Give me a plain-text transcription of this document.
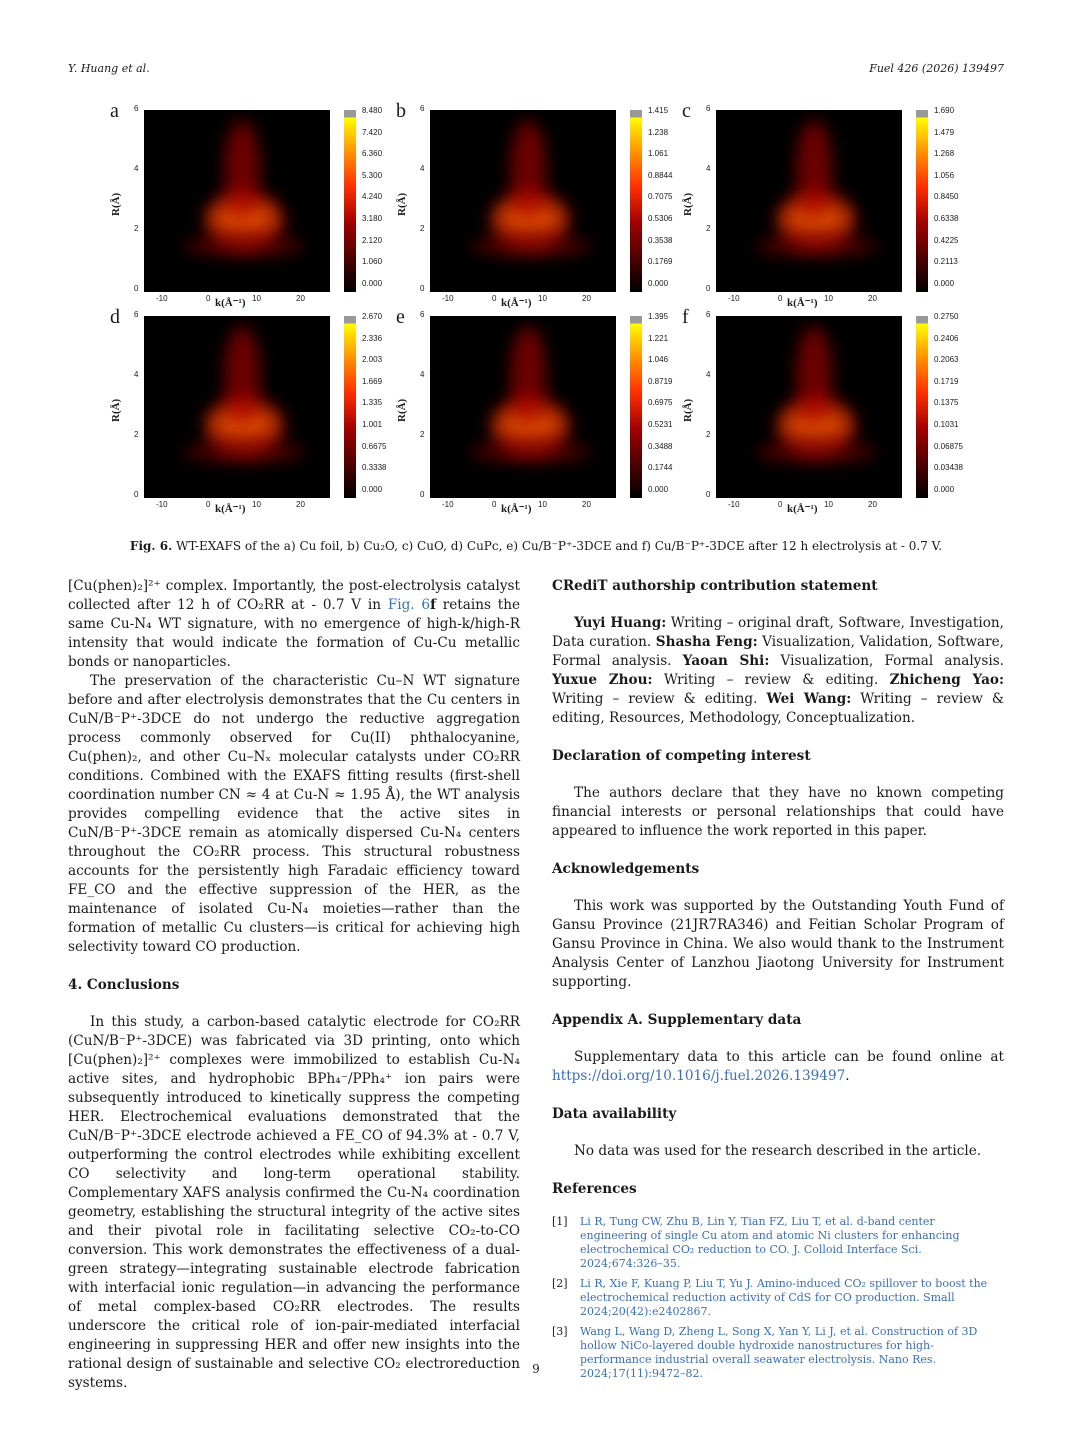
Y. Huang et al.	Fuel 426 (2026) 139497
a
R(Å)
6
4
2
0
-10	0	10	20
k(Å⁻¹)
8.480
7.420
6.360
5.300
4.240
3.180
2.120
1.060
0.000
b
R(Å)
6
4
2
0
-10	0	10	20
k(Å⁻¹)
1.415
1.238
1.061
0.8844
0.7075
0.5306
0.3538
0.1769
0.000
c
R(Å)
6
4
2
0
-10	0	10	20
k(Å⁻¹)
1.690
1.479
1.268
1.056
0.8450
0.6338
0.4225
0.2113
0.000
d
R(Å)
6
4
2
0
-10	0	10	20
k(Å⁻¹)
2.670
2.336
2.003
1.669
1.335
1.001
0.6675
0.3338
0.000
e
R(Å)
6
4
2
0
-10	0	10	20
k(Å⁻¹)
1.395
1.221
1.046
0.8719
0.6975
0.5231
0.3488
0.1744
0.000
f
R(Å)
6
4
2
0
-10	0	10	20
k(Å⁻¹)
0.2750
0.2406
0.2063
0.1719
0.1375
0.1031
0.06875
0.03438
0.000
Fig. 6. WT-EXAFS of the a) Cu foil, b) Cu₂O, c) CuO, d) CuPc, e) Cu/B⁻P⁺-3DCE and f) Cu/B⁻P⁺-3DCE after 12 h electrolysis at - 0.7 V.

[Cu(phen)₂]²⁺ complex. Importantly, the post-electrolysis catalyst collected after 12 h of CO₂RR at - 0.7 V in Fig. 6f retains the same Cu-N₄ WT signature, with no emergence of high-k/high-R intensity that would indicate the formation of Cu-Cu metallic bonds or nanoparticles.

The preservation of the characteristic Cu–N WT signature before and after electrolysis demonstrates that the Cu centers in CuN/B⁻P⁺-3DCE do not undergo the reductive aggregation process commonly observed for Cu(II) phthalocyanine, Cu(phen)₂, and other Cu–Nₓ molecular catalysts under CO₂RR conditions. Combined with the EXAFS fitting results (first-shell coordination number CN ≈ 4 at Cu-N ≈ 1.95 Å), the WT analysis provides compelling evidence that the active sites in CuN/B⁻P⁺-3DCE remain as atomically dispersed Cu-N₄ centers throughout the CO₂RR process. This structural robustness accounts for the persistently high Faradaic efficiency toward FE_CO and the effective suppression of the HER, as the maintenance of isolated Cu-N₄ moieties—rather than the formation of metallic Cu clusters—is critical for achieving high selectivity toward CO production.

4. Conclusions

In this study, a carbon-based catalytic electrode for CO₂RR (CuN/B⁻P⁺-3DCE) was fabricated via 3D printing, onto which [Cu(phen)₂]²⁺ complexes were immobilized to establish Cu-N₄ active sites, and hydrophobic BPh₄⁻/PPh₄⁺ ion pairs were subsequently introduced to kinetically suppress the competing HER. Electrochemical evaluations demonstrated that the CuN/B⁻P⁺-3DCE electrode achieved a FE_CO of 94.3% at - 0.7 V, outperforming the control electrodes while exhibiting excellent CO selectivity and long-term operational stability. Complementary XAFS analysis confirmed the Cu-N₄ coordination geometry, establishing the structural integrity of the active sites and their pivotal role in facilitating selective CO₂-to-CO conversion. This work demonstrates the effectiveness of a dual-green strategy—integrating sustainable electrode fabrication with interfacial ionic regulation—in advancing the performance of metal complex-based CO₂RR electrodes. The results underscore the critical role of ion-pair-mediated interfacial engineering in suppressing HER and offer new insights into the rational design of sustainable and selective CO₂ electroreduction systems.

CRediT authorship contribution statement

Yuyi Huang: Writing – original draft, Software, Investigation, Data curation. Shasha Feng: Visualization, Validation, Software, Formal analysis. Yaoan Shi: Visualization, Formal analysis. Yuxue Zhou: Writing – review & editing. Zhicheng Yao: Writing – review & editing. Wei Wang: Writing – review & editing, Resources, Methodology, Conceptualization.

Declaration of competing interest

The authors declare that they have no known competing financial interests or personal relationships that could have appeared to influence the work reported in this paper.

Acknowledgements

This work was supported by the Outstanding Youth Fund of Gansu Province (21JR7RA346) and Feitian Scholar Program of Gansu Province in China. We also would thank to the Instrument Analysis Center of Lanzhou Jiaotong University for Instrument supporting.

Appendix A. Supplementary data

Supplementary data to this article can be found online at https://doi.org/10.1016/j.fuel.2026.139497.

Data availability

No data was used for the research described in the article.

References

[1]	Li R, Tung CW, Zhu B, Lin Y, Tian FZ, Liu T, et al. d-band center engineering of single Cu atom and atomic Ni clusters for enhancing electrochemical CO₂ reduction to CO. J. Colloid Interface Sci. 2024;674:326–35.
[2]	Li R, Xie F, Kuang P, Liu T, Yu J. Amino-induced CO₂ spillover to boost the electrochemical reduction activity of CdS for CO production. Small 2024;20(42):e2402867.
[3]	Wang L, Wang D, Zheng L, Song X, Yan Y, Li J, et al. Construction of 3D hollow NiCo-layered double hydroxide nanostructures for high-performance industrial overall seawater electrolysis. Nano Res. 2024;17(11):9472–82.
9
